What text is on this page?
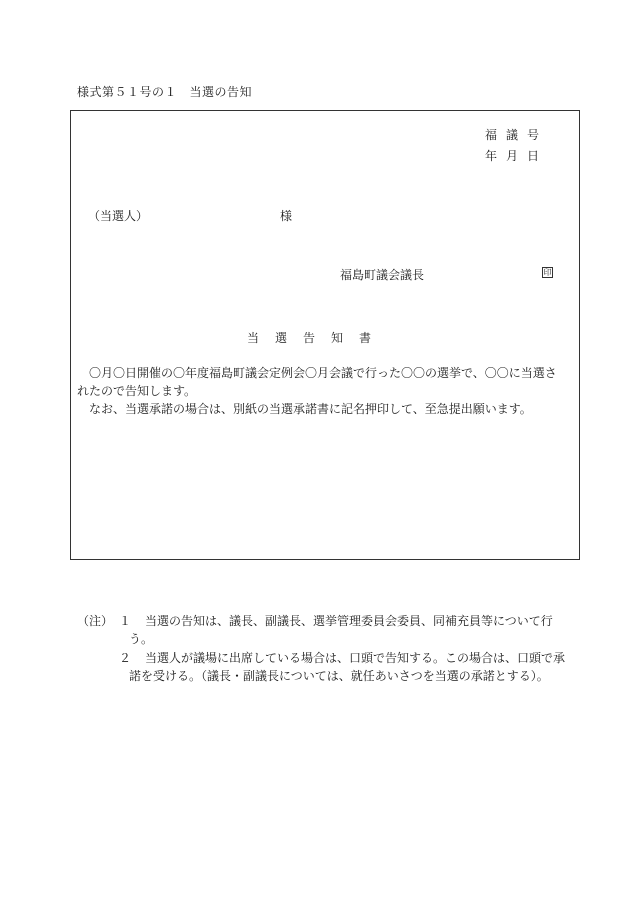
様式第５１号の１　当選の告知
福議号
年月日
（当選人）	様
福島町議会議長	印
当選告知書
〇月〇日開催の〇年度福島町議会定例会〇月会議で行った〇〇の選挙で、〇〇に当選されたので告知します。
なお、当選承諾の場合は、別紙の当選承諾書に記名押印して、至急提出願います。
（注） １	当選の告知は、議長、副議長、選挙管理委員会委員、同補充員等について行う。
２	当選人が議場に出席している場合は、口頭で告知する。この場合は、口頭で承諾を受ける。（議長・副議長については、就任あいさつを当選の承諾とする）。
